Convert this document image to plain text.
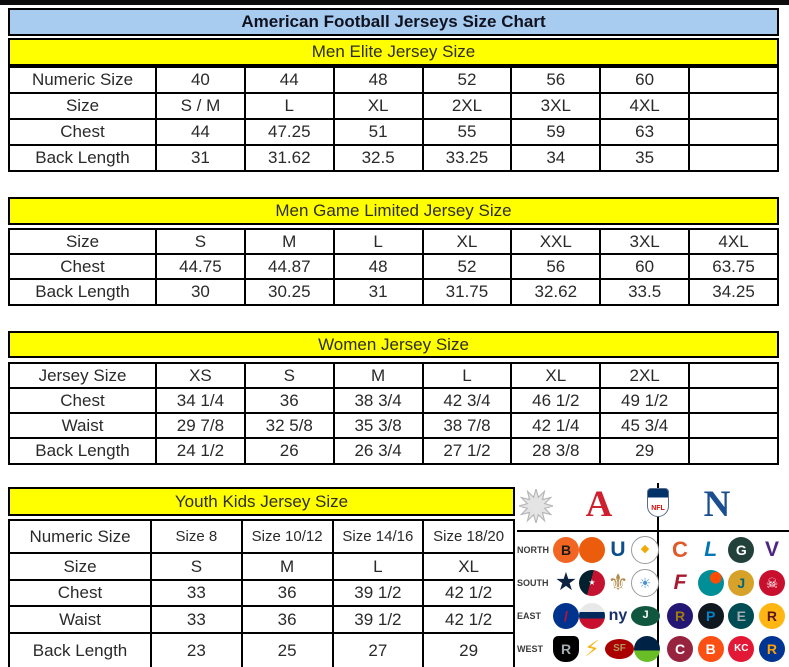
American Football Jerseys Size Chart
Men Elite Jersey Size
Men Game Limited Jersey Size
Women Jersey Size
Youth Kids Jersey Size
Numeric Size	40	44	48	52	56	60	
Size	S / M	L	XL	2XL	3XL	4XL	
Chest	44	47.25	51	55	59	63	
Back Length	31	31.62	32.5	33.25	34	35	
Size	S	M	L	XL	XXL	3XL	4XL
Chest	44.75	44.87	48	52	56	60	63.75
Back Length	30	30.25	31	31.75	32.62	33.5	34.25
Jersey Size	XS	S	M	L	XL	2XL	
Chest	34 1/4	36	38 3/4	42 3/4	46 1/2	49 1/2	
Waist	29 7/8	32 5/8	35 3/8	38 7/8	42 1/4	45 3/4	
Back Length	24 1/2	26	26 3/4	27 1/2	28 3/8	29	
Numeric Size	Size 8	Size 10/12	Size 14/16	Size 18/20
Size	S	M	L	XL
Chest	33	36	39 1/2	42 1/2
Waist	33	36	39 1/2	42 1/2
Back Length	23	25	27	29
A	NFL N
NORTH B	U	◆	C L	G V
SOUTH ★	★ ⚜ ☀	F	J	☠
EAST	/	ny	J	R	P	E	R
WEST	R ⚡	SF	C	B	KC	R
